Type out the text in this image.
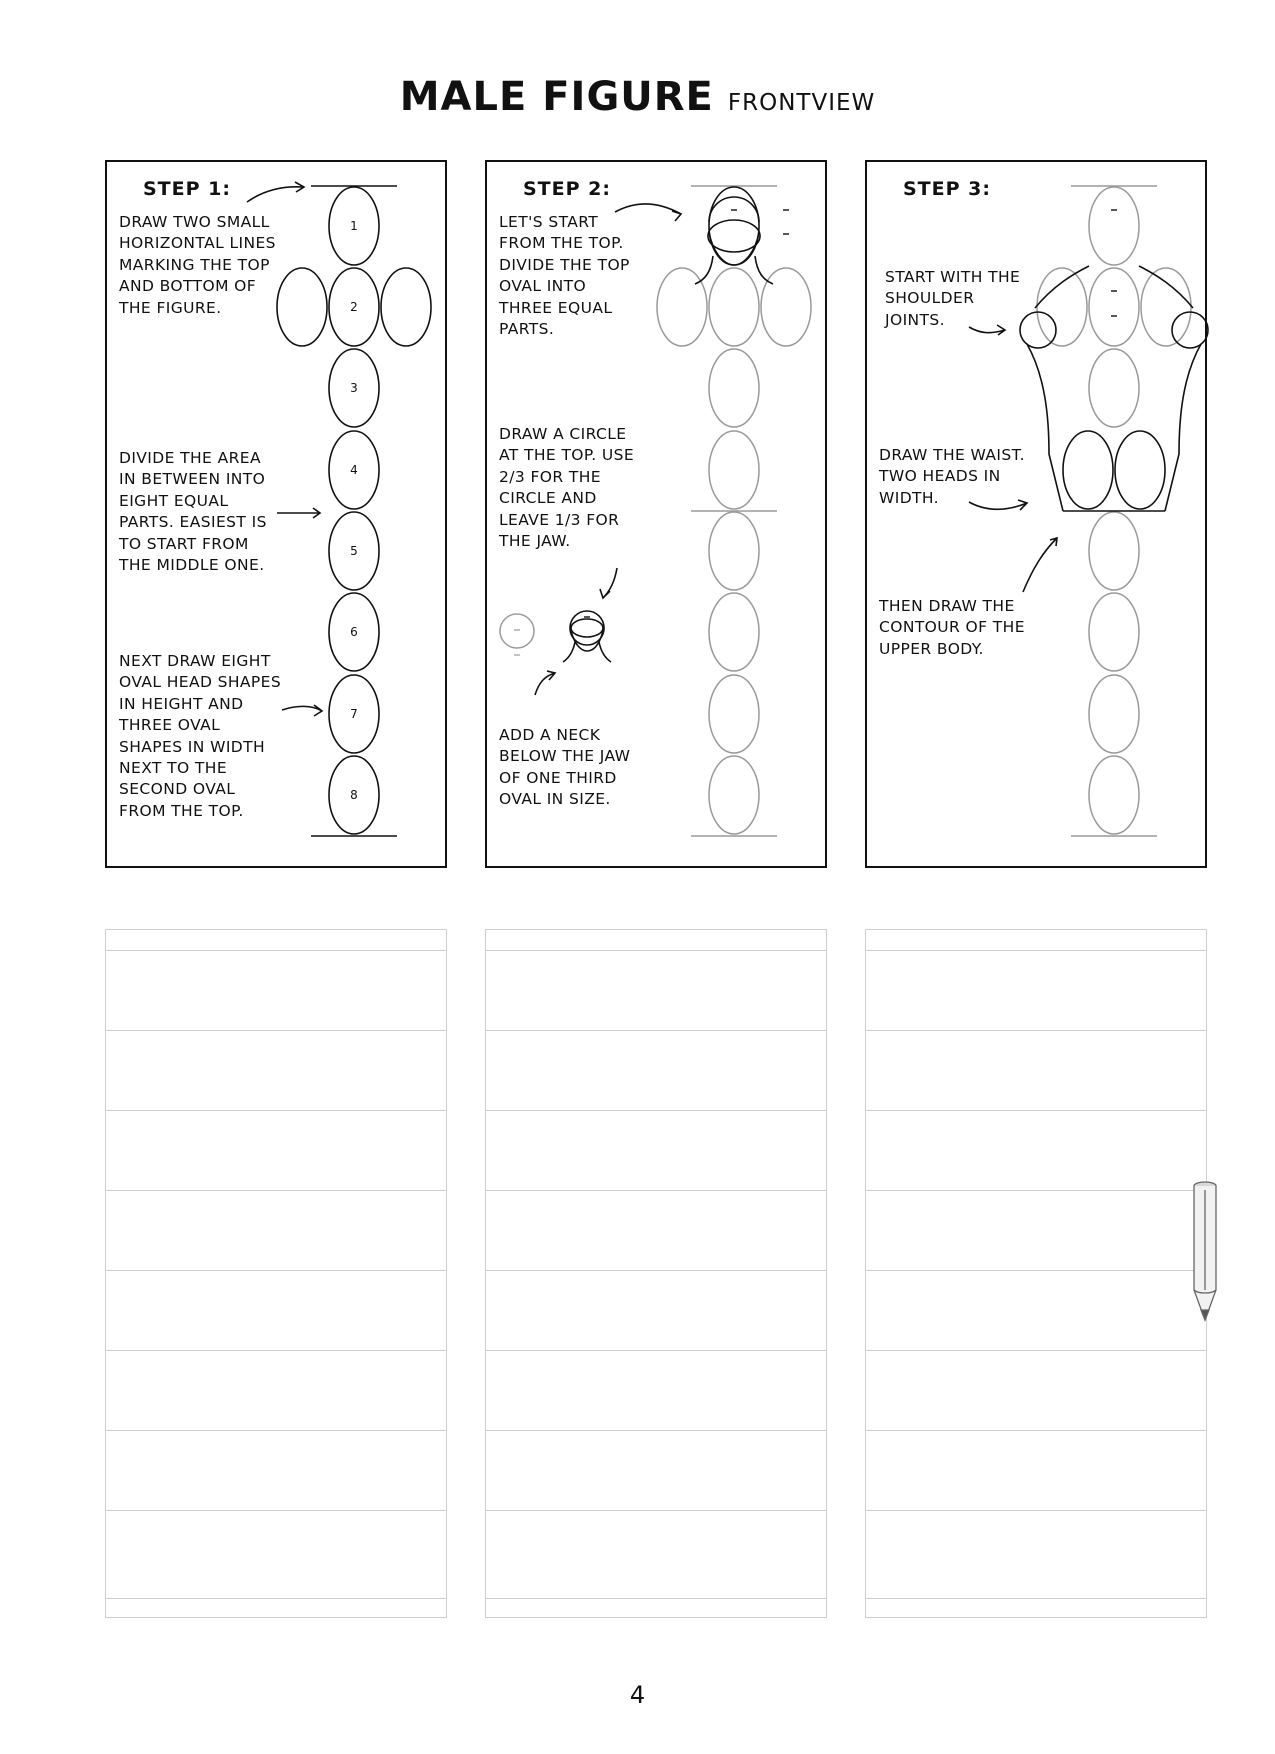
MALE FIGURE FRONTVIEW
1
2
3
4
5
6
7
8
STEP 1:
DRAW TWO SMALL
HORIZONTAL LINES
MARKING THE TOP
AND BOTTOM OF
THE FIGURE.
DIVIDE THE AREA
IN BETWEEN INTO
EIGHT EQUAL
PARTS. EASIEST IS
TO START FROM
THE MIDDLE ONE.
NEXT DRAW EIGHT
OVAL HEAD SHAPES
IN HEIGHT AND
THREE OVAL
SHAPES IN WIDTH
NEXT TO THE
SECOND OVAL
FROM THE TOP.
STEP 2:
LET'S START
FROM THE TOP.
DIVIDE THE TOP
OVAL INTO
THREE EQUAL
PARTS.
DRAW A CIRCLE
AT THE TOP. USE
2/3 FOR THE
CIRCLE AND
LEAVE 1/3 FOR
THE JAW.
ADD A NECK
BELOW THE JAW
OF ONE THIRD
OVAL IN SIZE.
STEP 3:
START WITH THE
SHOULDER
JOINTS.
DRAW THE WAIST.
TWO HEADS IN
WIDTH.
THEN DRAW THE
CONTOUR OF THE
UPPER BODY.
4
